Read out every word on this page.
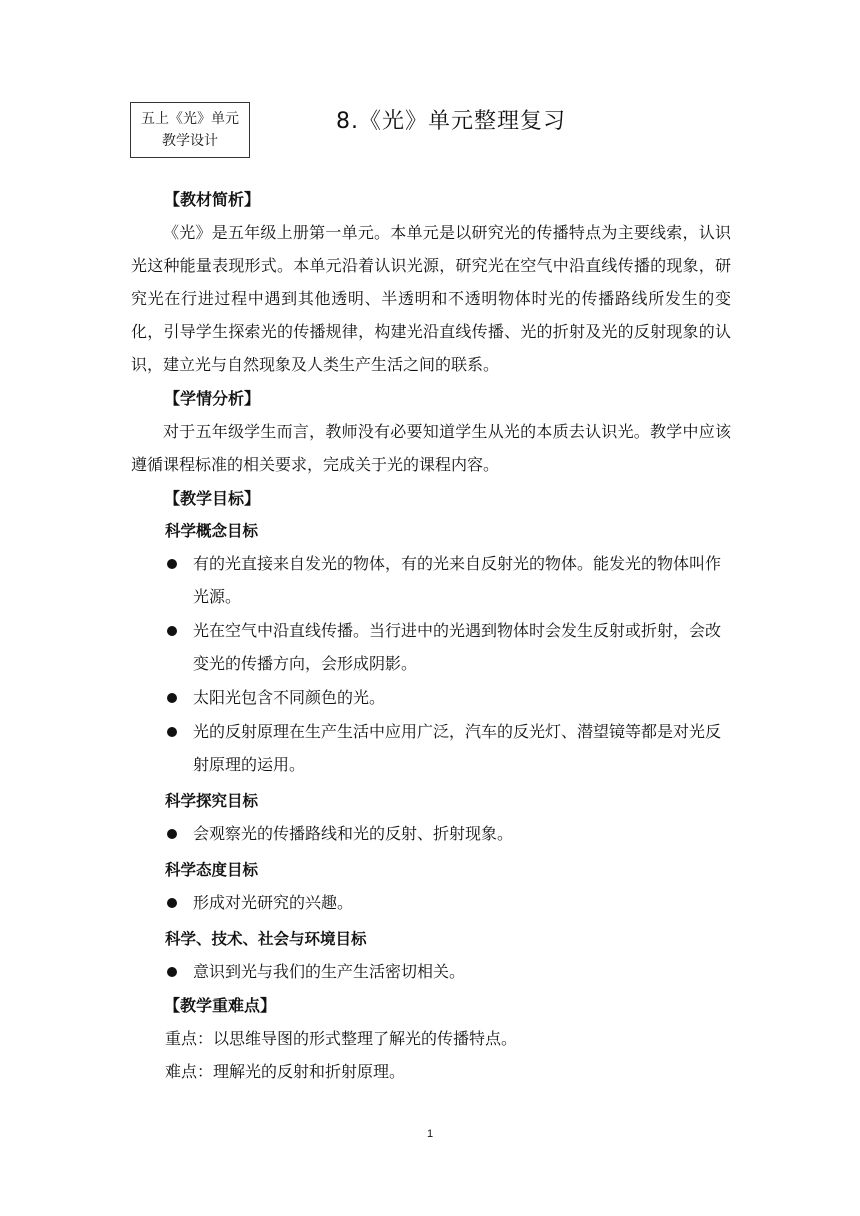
五上《光》单元
教学设计
8.《光》单元整理复习
【教材简析】
《光》是五年级上册第一单元。本单元是以研究光的传播特点为主要线索，认识光这种能量表现形式。本单元沿着认识光源，研究光在空气中沿直线传播的现象，研究光在行进过程中遇到其他透明、半透明和不透明物体时光的传播路线所发生的变化，引导学生探索光的传播规律，构建光沿直线传播、光的折射及光的反射现象的认识，建立光与自然现象及人类生产生活之间的联系。
【学情分析】
对于五年级学生而言，教师没有必要知道学生从光的本质去认识光。教学中应该遵循课程标准的相关要求，完成关于光的课程内容。
【教学目标】
科学概念目标
有的光直接来自发光的物体，有的光来自反射光的物体。能发光的物体叫作光源。
光在空气中沿直线传播。当行进中的光遇到物体时会发生反射或折射，会改变光的传播方向，会形成阴影。
太阳光包含不同颜色的光。
光的反射原理在生产生活中应用广泛，汽车的反光灯、潜望镜等都是对光反射原理的运用。
科学探究目标
会观察光的传播路线和光的反射、折射现象。
科学态度目标
形成对光研究的兴趣。
科学、技术、社会与环境目标
意识到光与我们的生产生活密切相关。
【教学重难点】
重点：以思维导图的形式整理了解光的传播特点。
难点：理解光的反射和折射原理。
1
